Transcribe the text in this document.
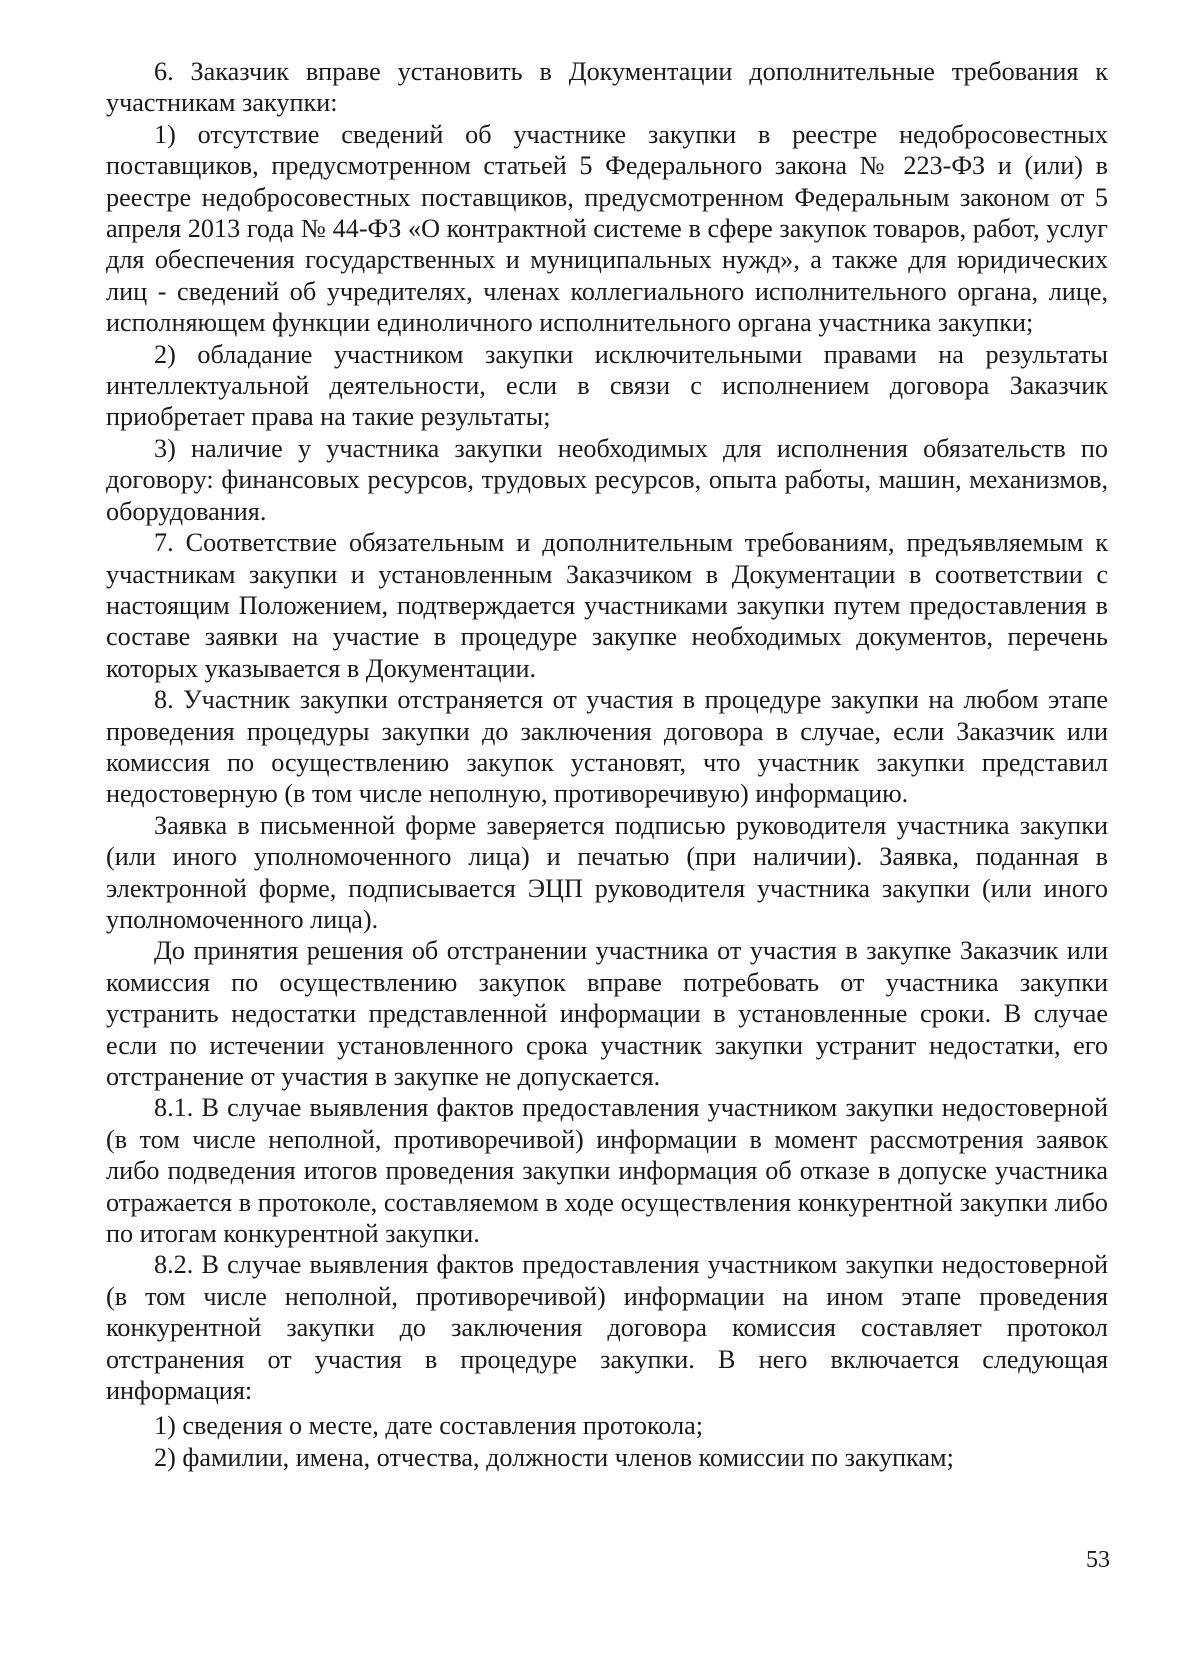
6. Заказчик вправе установить в Документации дополнительные требования к участникам закупки:

1) отсутствие сведений об участнике закупки в реестре недобросовестных поставщиков, предусмотренном статьей 5 Федерального закона № 223-ФЗ и (или) в реестре недобросовестных поставщиков, предусмотренном Федеральным законом от 5 апреля 2013 года № 44-ФЗ «О контрактной системе в сфере закупок товаров, работ, услуг для обеспечения государственных и муниципальных нужд», а также для юридических лиц - сведений об учредителях, членах коллегиального исполнительного органа, лице, исполняющем функции единоличного исполнительного органа участника закупки;

2) обладание участником закупки исключительными правами на результаты интеллектуальной деятельности, если в связи с исполнением договора Заказчик приобретает права на такие результаты;

3) наличие у участника закупки необходимых для исполнения обязательств по договору: финансовых ресурсов, трудовых ресурсов, опыта работы, машин, механизмов, оборудования.

7. Соответствие обязательным и дополнительным требованиям, предъявляемым к участникам закупки и установленным Заказчиком в Документации в соответствии с настоящим Положением, подтверждается участниками закупки путем предоставления в составе заявки на участие в процедуре закупке необходимых документов, перечень которых указывается в Документации.

8. Участник закупки отстраняется от участия в процедуре закупки на любом этапе проведения процедуры закупки до заключения договора в случае, если Заказчик или комиссия по осуществлению закупок установят, что участник закупки представил недостоверную (в том числе неполную, противоречивую) информацию.

Заявка в письменной форме заверяется подписью руководителя участника закупки (или иного уполномоченного лица) и печатью (при наличии). Заявка, поданная в электронной форме, подписывается ЭЦП руководителя участника закупки (или иного уполномоченного лица).

До принятия решения об отстранении участника от участия в закупке Заказчик или комиссия по осуществлению закупок вправе потребовать от участника закупки устранить недостатки представленной информации в установленные сроки. В случае если по истечении установленного срока участник закупки устранит недостатки, его отстранение от участия в закупке не допускается.

8.1. В случае выявления фактов предоставления участником закупки недостоверной (в том числе неполной, противоречивой) информации в момент рассмотрения заявок либо подведения итогов проведения закупки информация об отказе в допуске участника отражается в протоколе, составляемом в ходе осуществления конкурентной закупки либо по итогам конкурентной закупки.

8.2. В случае выявления фактов предоставления участником закупки недостоверной (в том числе неполной, противоречивой) информации на ином этапе проведения конкурентной закупки до заключения договора комиссия составляет протокол отстранения от участия в процедуре закупки. В него включается следующая информация:

1) сведения о месте, дате составления протокола;

2) фамилии, имена, отчества, должности членов комиссии по закупкам;

53
